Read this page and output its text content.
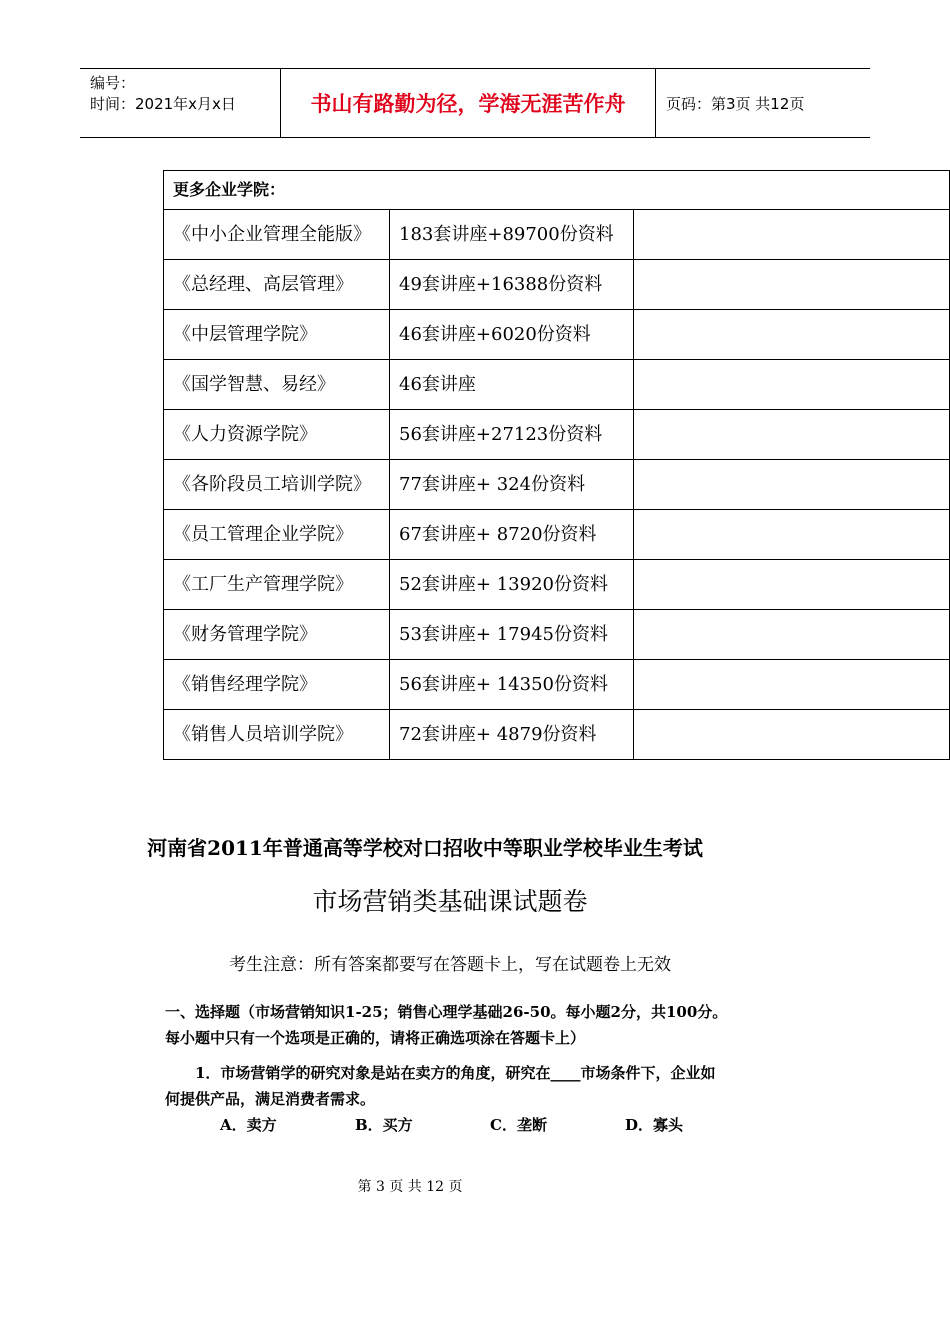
编号：
时间：2021年x月x日	书山有路勤为径，学海无涯苦作舟	页码：第3页 共12页
更多企业学院：		
《中小企业管理全能版》	183套讲座+89700份资料	
《总经理、高层管理》	49套讲座+16388份资料	
《中层管理学院》	46套讲座+6020份资料	
《国学智慧、易经》	46套讲座	
《人力资源学院》	56套讲座+27123份资料	
《各阶段员工培训学院》	77套讲座+ 324份资料	
《员工管理企业学院》	67套讲座+ 8720份资料	
《工厂生产管理学院》	52套讲座+ 13920份资料	
《财务管理学院》	53套讲座+ 17945份资料	
《销售经理学院》	56套讲座+ 14350份资料	
《销售人员培训学院》	72套讲座+ 4879份资料	
河南省2011年普通高等学校对口招收中等职业学校毕业生考试
市场营销类基础课试题卷
考生注意：所有答案都要写在答题卡上，写在试题卷上无效
一、选择题（市场营销知识1-25；销售心理学基础26-50。每小题2分，共100分。
每小题中只有一个选项是正确的，请将正确选项涂在答题卡上）
1．市场营销学的研究对象是站在卖方的角度，研究在____市场条件下，企业如
何提供产品，满足消费者需求。
A．卖方	B．买方	C．垄断	D．寡头
第 3 页 共 12 页
